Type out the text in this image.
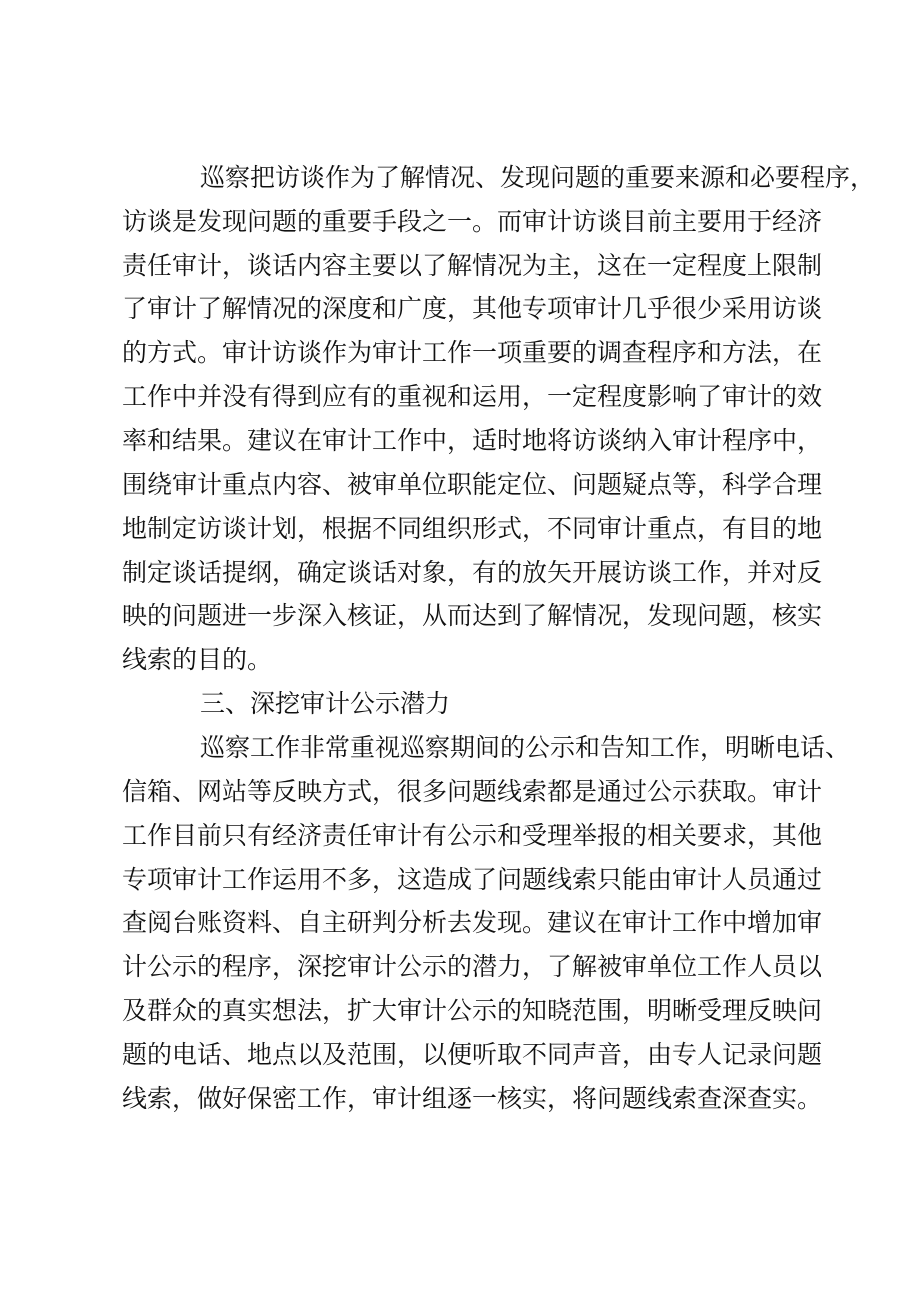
巡察把访谈作为了解情况、发现问题的重要来源和必要程序，
访谈是发现问题的重要手段之一。而审计访谈目前主要用于经济
责任审计，谈话内容主要以了解情况为主，这在一定程度上限制
了审计了解情况的深度和广度，其他专项审计几乎很少采用访谈
的方式。审计访谈作为审计工作一项重要的调查程序和方法，在
工作中并没有得到应有的重视和运用，一定程度影响了审计的效
率和结果。建议在审计工作中，适时地将访谈纳入审计程序中，
围绕审计重点内容、被审单位职能定位、问题疑点等，科学合理
地制定访谈计划，根据不同组织形式，不同审计重点，有目的地
制定谈话提纲，确定谈话对象，有的放矢开展访谈工作，并对反
映的问题进一步深入核证，从而达到了解情况，发现问题，核实
线索的目的。
三、深挖审计公示潜力
巡察工作非常重视巡察期间的公示和告知工作，明晰电话、
信箱、网站等反映方式，很多问题线索都是通过公示获取。审计
工作目前只有经济责任审计有公示和受理举报的相关要求，其他
专项审计工作运用不多，这造成了问题线索只能由审计人员通过
查阅台账资料、自主研判分析去发现。建议在审计工作中增加审
计公示的程序，深挖审计公示的潜力，了解被审单位工作人员以
及群众的真实想法，扩大审计公示的知晓范围，明晰受理反映问
题的电话、地点以及范围，以便听取不同声音，由专人记录问题
线索，做好保密工作，审计组逐一核实，将问题线索查深查实。
